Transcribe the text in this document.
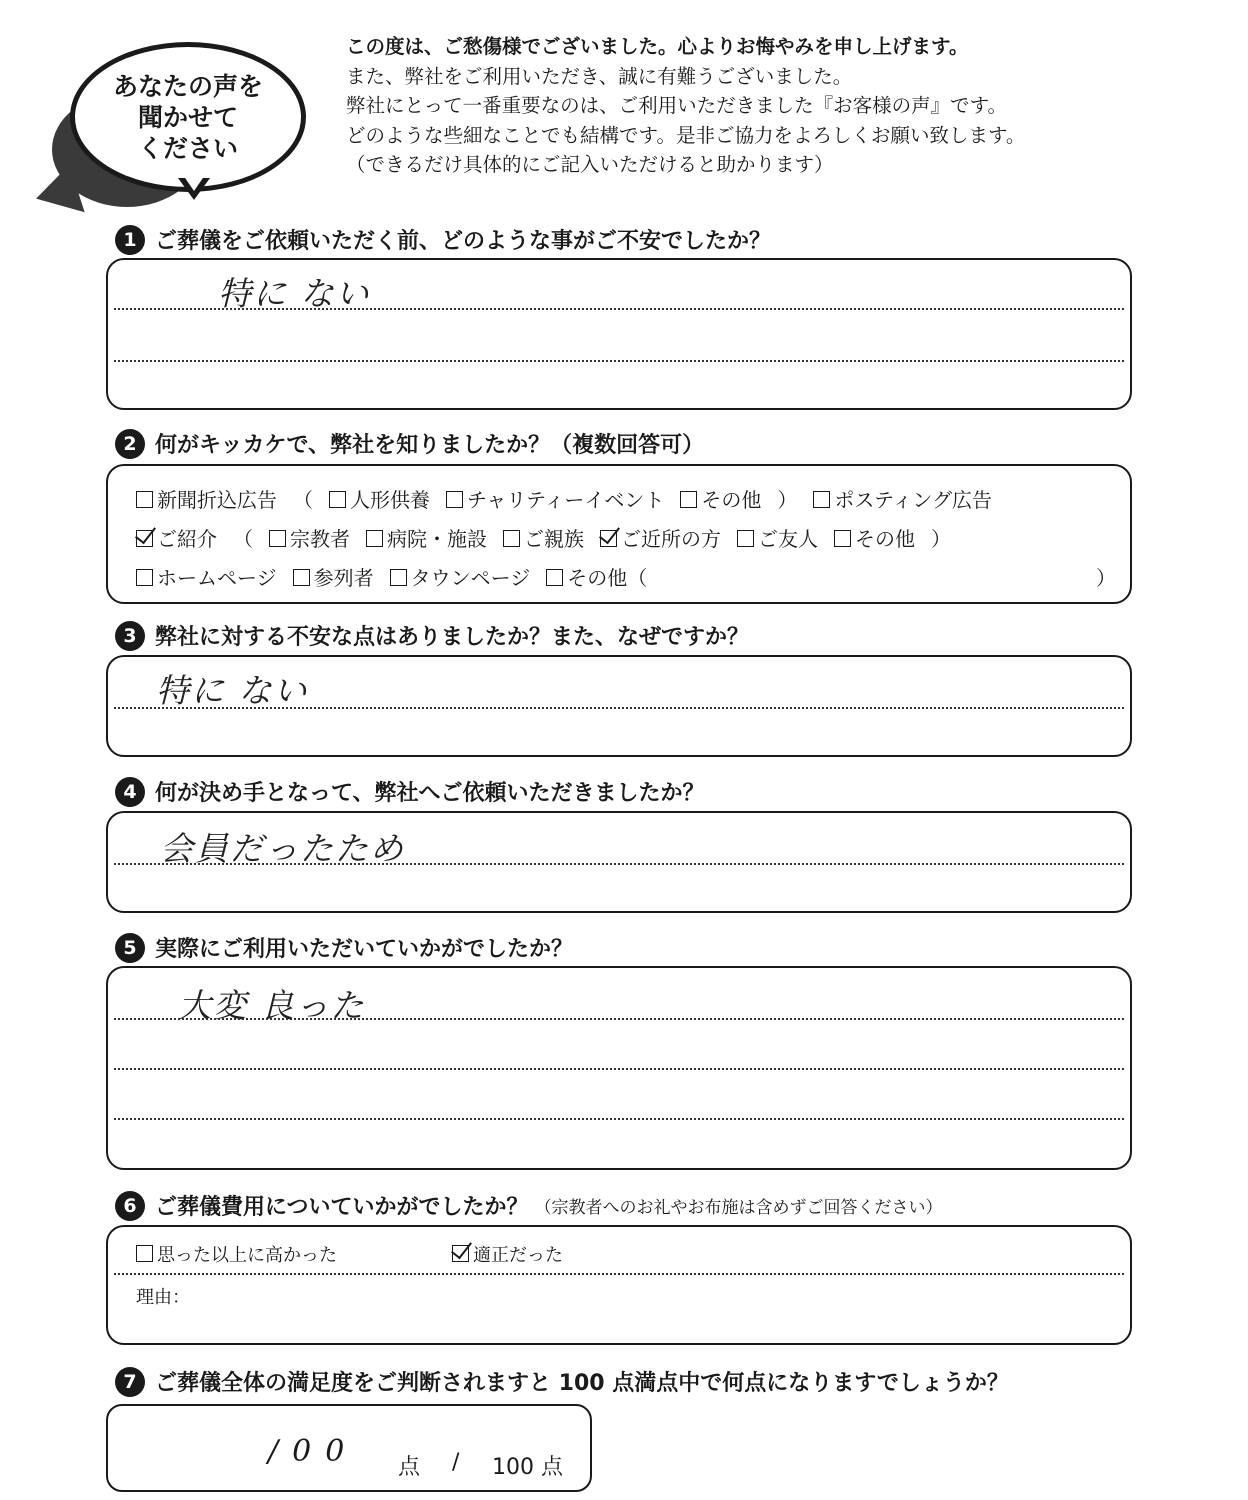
あなたの声を
聞かせて
ください
この度は、ご愁傷様でございました。心よりお悔やみを申し上げます。
また、弊社をご利用いただき、誠に有難うございました。
弊社にとって一番重要なのは、ご利用いただきました『お客様の声』です。
どのような些細なことでも結構です。是非ご協力をよろしくお願い致します。
（できるだけ具体的にご記入いただけると助かります）
1 ご葬儀をご依頼いただく前、どのような事がご不安でしたか？
特に ない
2 何がキッカケで、弊社を知りましたか？（複数回答可）
新聞折込広告 （ 人形供養 チャリティーイベント その他 ） ポスティング広告
ご紹介 （ 宗教者 病院・施設 ご親族 ご近所の方 ご友人 その他 ）
ホームページ 参列者 タウンページ その他（	）
3 弊社に対する不安な点はありましたか？また、なぜですか？
特に ない
4 何が決め手となって、弊社へご依頼いただきましたか？
会員だったため
5 実際にご利用いただいていかがでしたか？
大変 良った
6 ご葬儀費用についていかがでしたか？ （宗教者へのお礼やお布施は含めずご回答ください）
思った以上に高かった	適正だった
理由：
7 ご葬儀全体の満足度をご判断されますと 100 点満点中で何点になりますでしょうか？
/00 点 / 100 点
